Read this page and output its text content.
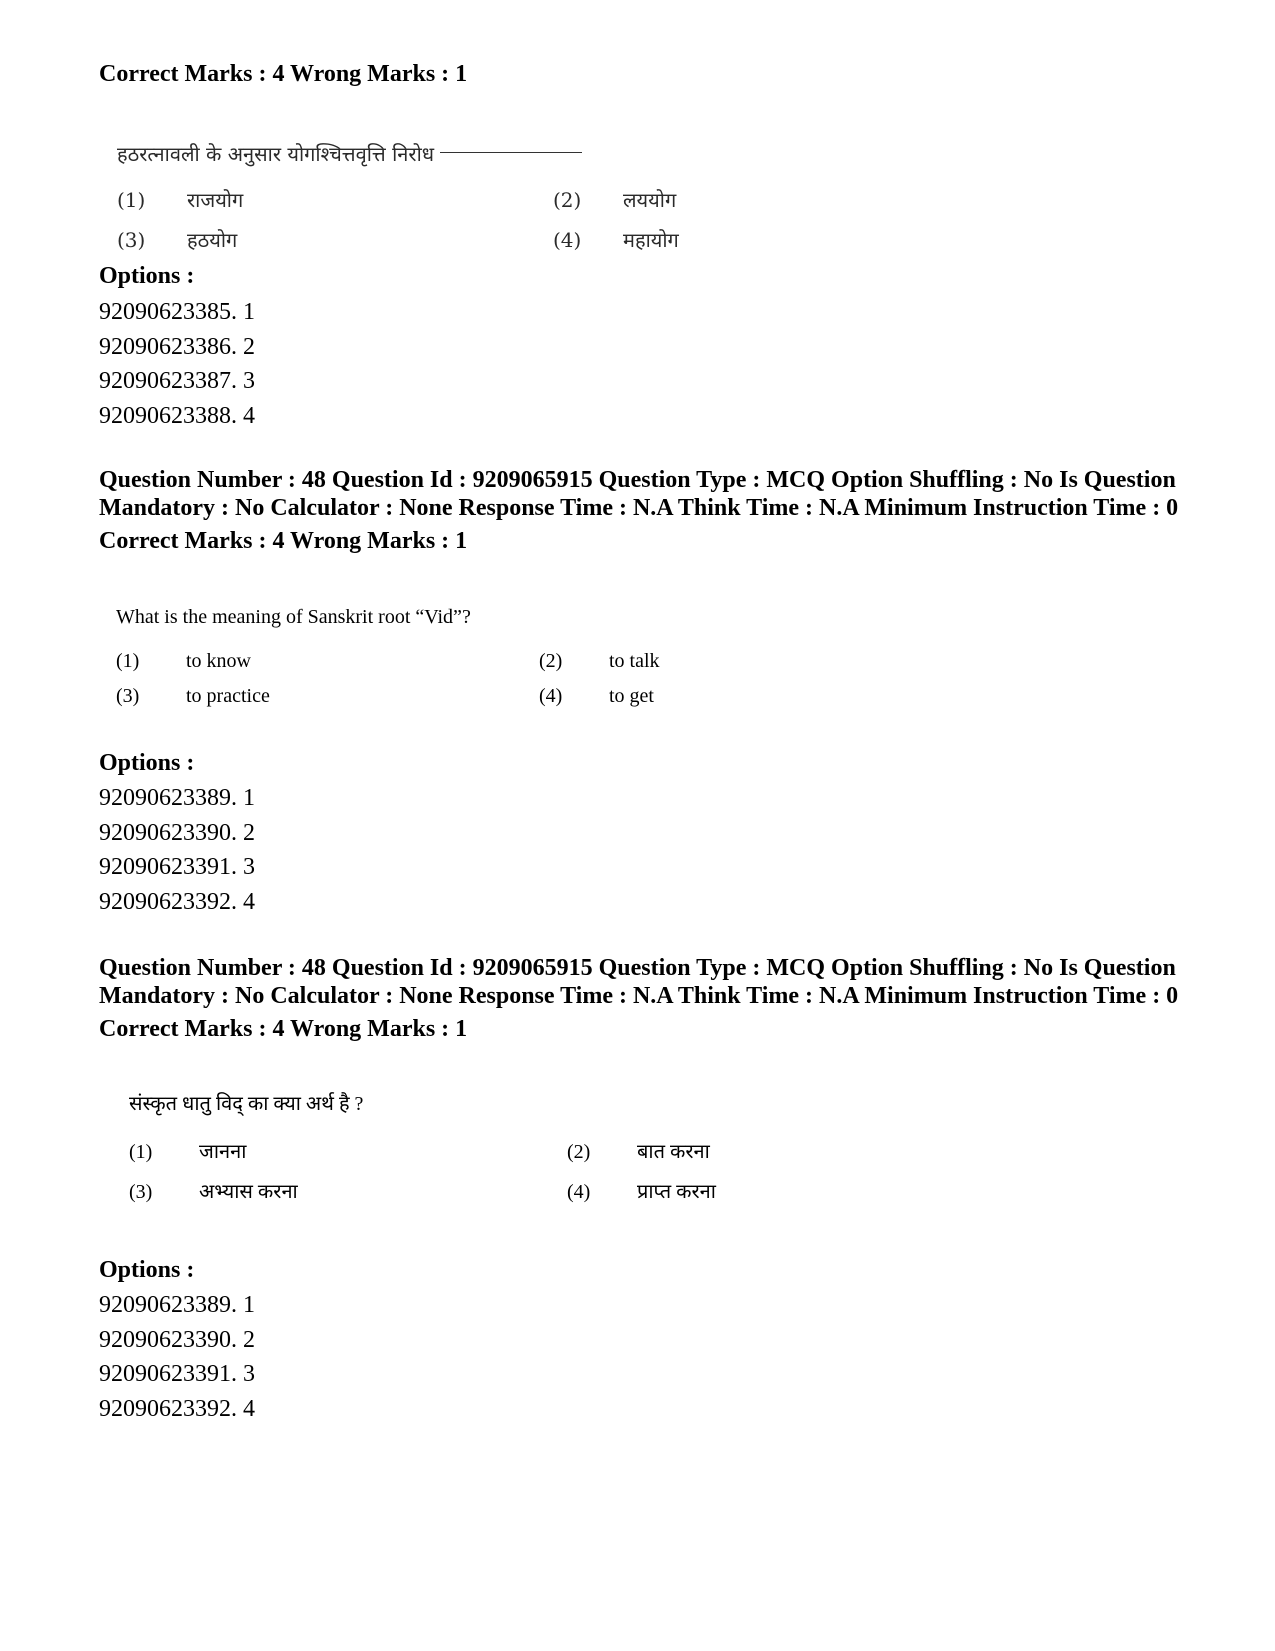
Correct Marks : 4 Wrong Marks : 1

हठरत्नावली के अनुसार योगश्चित्तवृत्ति निरोध
(1) राजयोग	(2) लययोग
(3) हठयोग	(4) महायोग

Options :

92090623385. 1
92090623386. 2
92090623387. 3
92090623388. 4

Question Number : 48 Question Id : 9209065915 Question Type : MCQ Option Shuffling : No Is Question Mandatory : No Calculator : None Response Time : N.A Think Time : N.A Minimum Instruction Time : 0

Correct Marks : 4 Wrong Marks : 1

What is the meaning of Sanskrit root “Vid”?
(1) to know	(2) to talk
(3) to practice	(4) to get

Options :

92090623389. 1
92090623390. 2
92090623391. 3
92090623392. 4

Question Number : 48 Question Id : 9209065915 Question Type : MCQ Option Shuffling : No Is Question Mandatory : No Calculator : None Response Time : N.A Think Time : N.A Minimum Instruction Time : 0

Correct Marks : 4 Wrong Marks : 1

संस्कृत धातु विद् का क्या अर्थ है ?
(1) जानना	(2) बात करना
(3) अभ्यास करना	(4) प्राप्त करना

Options :

92090623389. 1
92090623390. 2
92090623391. 3
92090623392. 4
